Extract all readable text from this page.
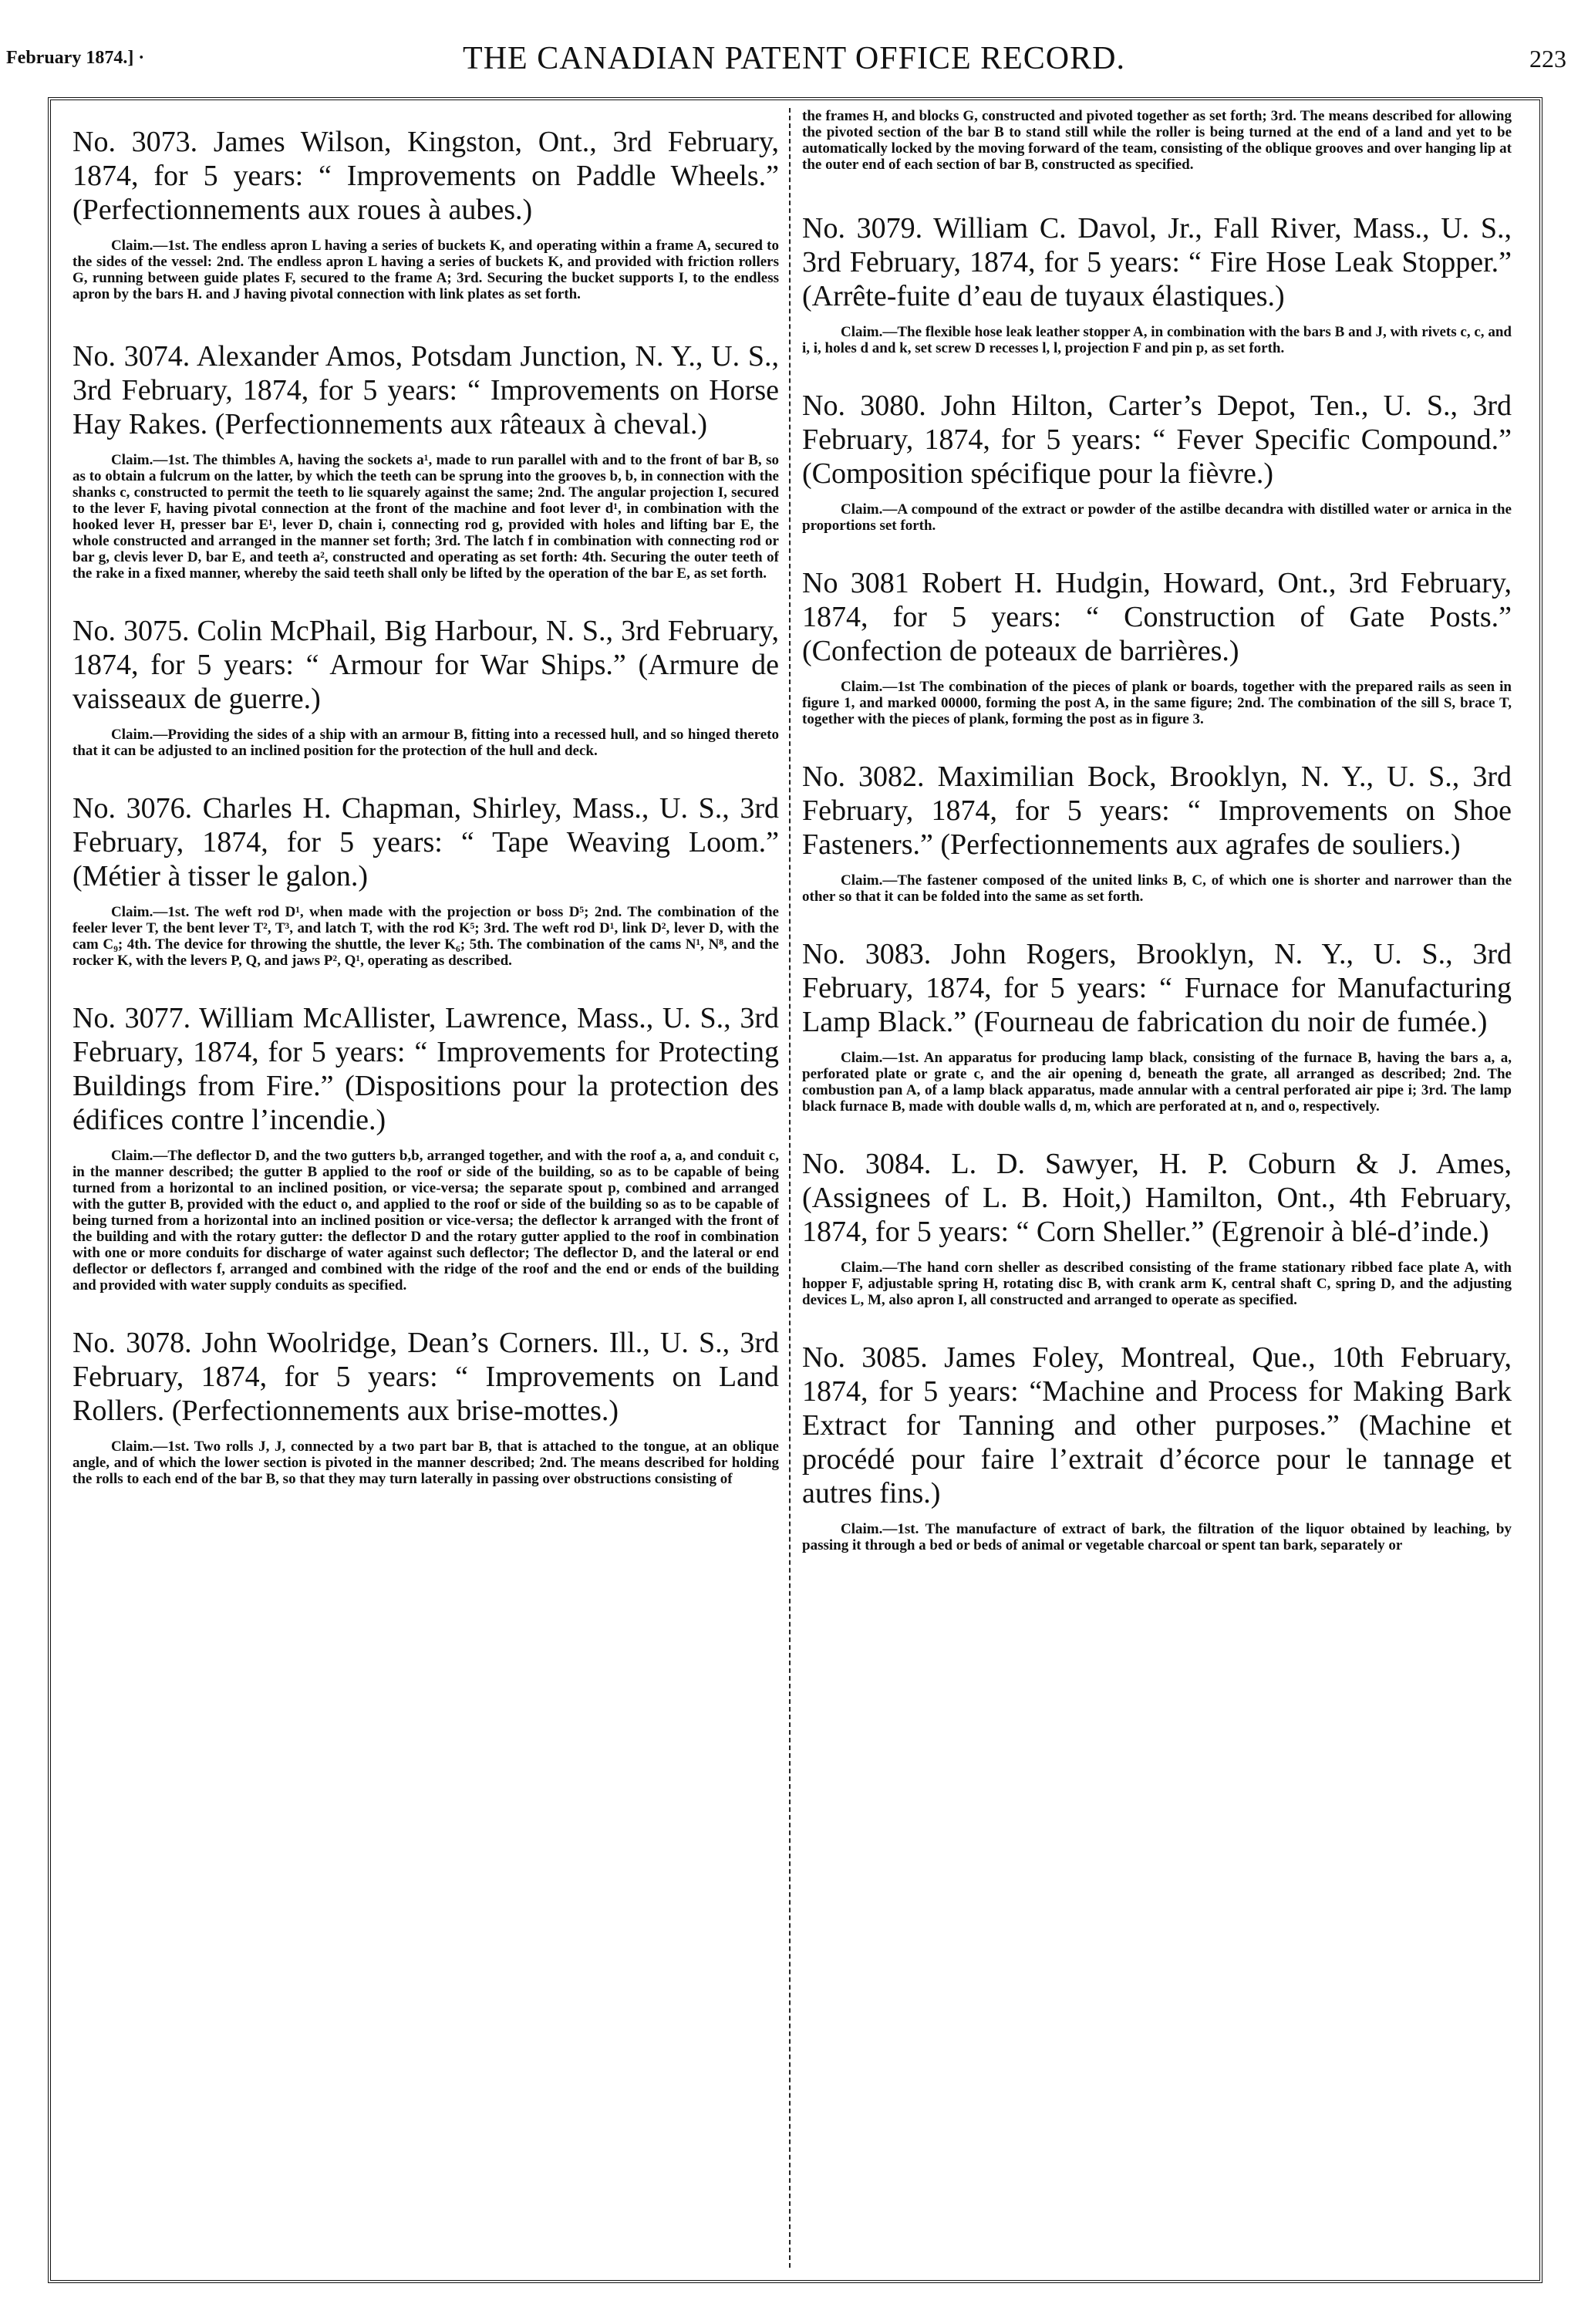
February 1874.] ·	THE CANADIAN PATENT OFFICE RECORD.	223
No. 3073. James Wilson, Kingston, Ont., 3rd February, 1874, for 5 years: “ Improvements on Paddle Wheels.” (Perfectionnements aux roues à aubes.)
Claim.—1st. The endless apron L having a series of buckets K, and operating within a frame A, secured to the sides of the vessel: 2nd. The endless apron L having a series of buckets K, and provided with friction rollers G, running between guide plates F, secured to the frame A; 3rd. Securing the bucket supports I, to the endless apron by the bars H. and J having pivotal connection with link plates as set forth.
No. 3074. Alexander Amos, Potsdam Junction, N. Y., U. S., 3rd February, 1874, for 5 years: “ Improvements on Horse Hay Rakes. (Perfectionnements aux râteaux à cheval.)
Claim.—1st. The thimbles A, having the sockets a¹, made to run parallel with and to the front of bar B, so as to obtain a fulcrum on the latter, by which the teeth can be sprung into the grooves b, b, in connection with the shanks c, constructed to permit the teeth to lie squarely against the same; 2nd. The angular projection I, secured to the lever F, having pivotal connection at the front of the machine and foot lever d¹, in combination with the hooked lever H, presser bar E¹, lever D, chain i, connecting rod g, provided with holes and lifting bar E, the whole constructed and arranged in the manner set forth; 3rd. The latch f in combination with connecting rod or bar g, clevis lever D, bar E, and teeth a², constructed and operating as set forth: 4th. Securing the outer teeth of the rake in a fixed manner, whereby the said teeth shall only be lifted by the operation of the bar E, as set forth.
No. 3075. Colin McPhail, Big Harbour, N. S., 3rd February, 1874, for 5 years: “ Armour for War Ships.” (Armure de vaisseaux de guerre.)
Claim.—Providing the sides of a ship with an armour B, fitting into a recessed hull, and so hinged thereto that it can be adjusted to an inclined position for the protection of the hull and deck.
No. 3076. Charles H. Chapman, Shirley, Mass., U. S., 3rd February, 1874, for 5 years: “ Tape Weaving Loom.” (Métier à tisser le galon.)
Claim.—1st. The weft rod D¹, when made with the projection or boss D⁵; 2nd. The combination of the feeler lever T, the bent lever T², T³, and latch T, with the rod K⁵; 3rd. The weft rod D¹, link D², lever D, with the cam C₉; 4th. The device for throwing the shuttle, the lever K₆; 5th. The combination of the cams N¹, N⁸, and the rocker K, with the levers P, Q, and jaws P², Q¹, operating as described.
No. 3077. William McAllister, Lawrence, Mass., U. S., 3rd February, 1874, for 5 years: “ Improvements for Protecting Buildings from Fire.” (Dispositions pour la protection des édifices contre l’incendie.)
Claim.—The deflector D, and the two gutters b,b, arranged together, and with the roof a, a, and conduit c, in the manner described; the gutter B applied to the roof or side of the building, so as to be capable of being turned from a horizontal to an inclined position, or vice-versa; the separate spout p, combined and arranged with the gutter B, provided with the educt o, and applied to the roof or side of the building so as to be capable of being turned from a horizontal into an inclined position or vice-versa; the deflector k arranged with the front of the building and with the rotary gutter: the deflector D and the rotary gutter applied to the roof in combination with one or more conduits for discharge of water against such deflector; The deflector D, and the lateral or end deflector or deflectors f, arranged and combined with the ridge of the roof and the end or ends of the building and provided with water supply conduits as specified.
No. 3078. John Woolridge, Dean’s Corners. Ill., U. S., 3rd February, 1874, for 5 years: “ Improvements on Land Rollers. (Perfectionnements aux brise-mottes.)
Claim.—1st. Two rolls J, J, connected by a two part bar B, that is attached to the tongue, at an oblique angle, and of which the lower section is pivoted in the manner described; 2nd. The means described for holding the rolls to each end of the bar B, so that they may turn laterally in passing over obstructions consisting of
the frames H, and blocks G, constructed and pivoted together as set forth; 3rd. The means described for allowing the pivoted section of the bar B to stand still while the roller is being turned at the end of a land and yet to be automatically locked by the moving forward of the team, consisting of the oblique grooves and over hanging lip at the outer end of each section of bar B, constructed as specified.
No. 3079. William C. Davol, Jr., Fall River, Mass., U. S., 3rd February, 1874, for 5 years: “ Fire Hose Leak Stopper.” (Arrête-fuite d’eau de tuyaux élastiques.)
Claim.—The flexible hose leak leather stopper A, in combination with the bars B and J, with rivets c, c, and i, i, holes d and k, set screw D recesses l, l, projection F and pin p, as set forth.
No. 3080. John Hilton, Carter’s Depot, Ten., U. S., 3rd February, 1874, for 5 years: “ Fever Specific Compound.” (Composition spécifique pour la fièvre.)
Claim.—A compound of the extract or powder of the astilbe decandra with distilled water or arnica in the proportions set forth.
No 3081 Robert H. Hudgin, Howard, Ont., 3rd February, 1874, for 5 years: “ Construction of Gate Posts.” (Confection de poteaux de barrières.)
Claim.—1st The combination of the pieces of plank or boards, together with the prepared rails as seen in figure 1, and marked 00000, forming the post A, in the same figure; 2nd. The combination of the sill S, brace T, together with the pieces of plank, forming the post as in figure 3.
No. 3082. Maximilian Bock, Brooklyn, N. Y., U. S., 3rd February, 1874, for 5 years: “ Improvements on Shoe Fasteners.” (Perfectionnements aux agrafes de souliers.)
Claim.—The fastener composed of the united links B, C, of which one is shorter and narrower than the other so that it can be folded into the same as set forth.
No. 3083. John Rogers, Brooklyn, N. Y., U. S., 3rd February, 1874, for 5 years: “ Furnace for Manufacturing Lamp Black.” (Fourneau de fabrication du noir de fumée.)
Claim.—1st. An apparatus for producing lamp black, consisting of the furnace B, having the bars a, a, perforated plate or grate c, and the air opening d, beneath the grate, all arranged as described; 2nd. The combustion pan A, of a lamp black apparatus, made annular with a central perforated air pipe i; 3rd. The lamp black furnace B, made with double walls d, m, which are perforated at n, and o, respectively.
No. 3084. L. D. Sawyer, H. P. Coburn & J. Ames, (Assignees of L. B. Hoit,) Hamilton, Ont., 4th February, 1874, for 5 years: “ Corn Sheller.” (Egrenoir à blé-d’inde.)
Claim.—The hand corn sheller as described consisting of the frame stationary ribbed face plate A, with hopper F, adjustable spring H, rotating disc B, with crank arm K, central shaft C, spring D, and the adjusting devices L, M, also apron I, all constructed and arranged to operate as specified.
No. 3085. James Foley, Montreal, Que., 10th February, 1874, for 5 years: “Machine and Process for Making Bark Extract for Tanning and other purposes.” (Machine et procédé pour faire l’extrait d’écorce pour le tannage et autres fins.)
Claim.—1st. The manufacture of extract of bark, the filtration of the liquor obtained by leaching, by passing it through a bed or beds of animal or vegetable charcoal or spent tan bark, separately or
